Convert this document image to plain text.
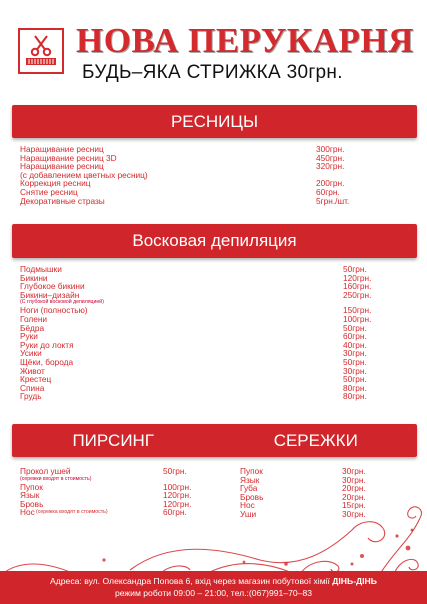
НОВА ПЕРУКАРНЯ
БУДЬ–ЯКА СТРИЖКА 30грн.
РЕСНИЦЫ
Наращивание ресниц	300грн.
Наращивание ресниц 3D	450грн.
Наращивание ресниц	320грн.
(с добавлением цветных ресниц)
Коррекция ресниц	200грн.
Снятие ресниц	60грн.
Декоративные стразы	5грн./шт.
Восковая депиляция
Подмышки	50грн.
Бикини	120грн.
Глубокое бикини	160грн.
Бикини–дизайн	250грн.
(С глубокой восковой депиляцией)
Ноги (полностью)	150грн.
Голени	100грн.
Бёдра	50грн.
Руки	60грн.
Руки до локтя	40грн.
Усики	30грн.
Щёки, борода	50грн.
Живот	30грн.
Крестец	50грн.
Спина	80грн.
Грудь	80грн.
ПИРСИНГ	СЕРЕЖКИ
Прокол ушей	50грн.
(сережки входят в стоимость)
Пупок	100грн.
Язык	120грн.
Бровь	120грн.
Нос (сережка входят в стоимость)	60грн.
Пупок	30грн.
Язык	30грн.
Губа	20грн.
Бровь	20грн.
Нос	15грн.
Уши	30грн.
Адреса: вул. Олександра Попова 6, вхід через магазин побутової хімії ДІНЬ-ДІНЬ
режим роботи 09:00 – 21:00, тел.:(067)991–70–83
